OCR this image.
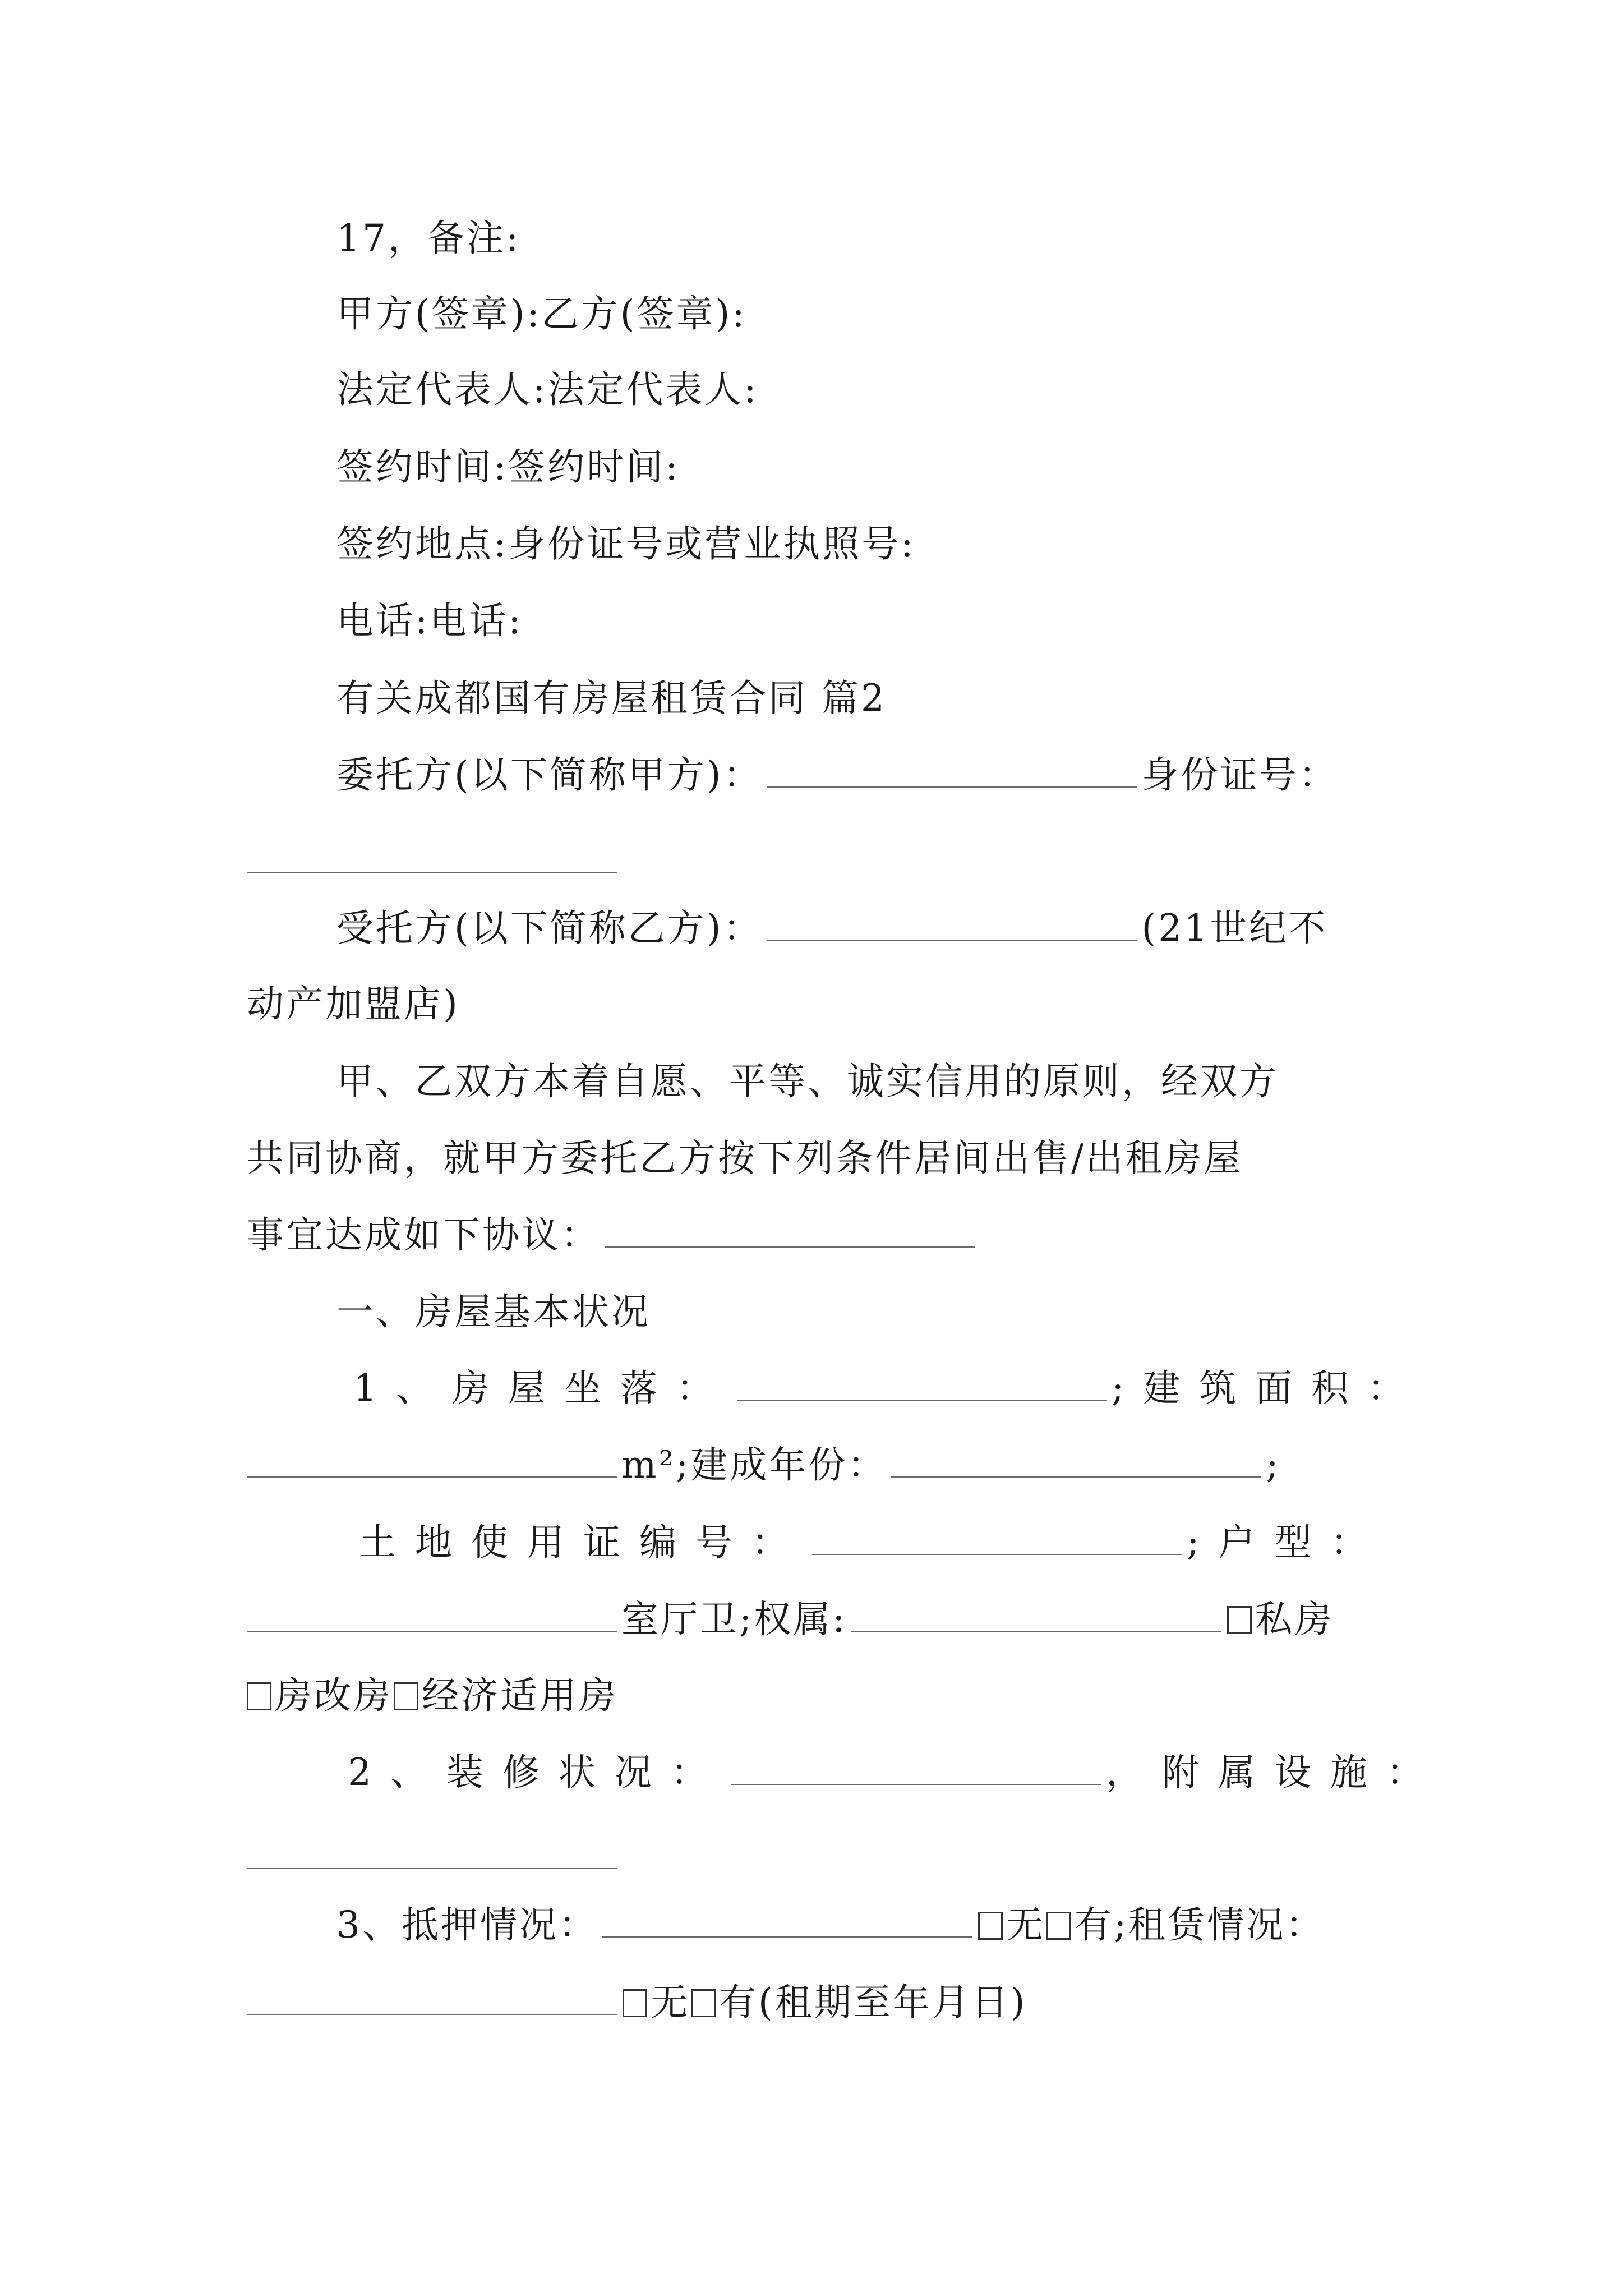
17，备注:
甲方(签章):乙方(签章):
法定代表人:法定代表人:
签约时间:签约时间:
签约地点:身份证号或营业执照号:
电话:电话:
有关成都国有房屋租赁合同 篇2
委托方(以下简称甲方)：	身份证号：
受托方(以下简称乙方)：	(21世纪不
动产加盟店)
甲、乙双方本着自愿、平等、诚实信用的原则，经双方
共同协商，就甲方委托乙方按下列条件居间出售/出租房屋
事宜达成如下协议：
一、房屋基本状况
1、房屋坐落：	;建筑面积：
m²;建成年份：	;
土地使用证编号：	;户型：
室厅卫;权属:	私房
房改房 经济适用房
2、装修状况：	，附属设施：
3、抵押情况：	无 有;租赁情况：
无 有(租期至年月日)
